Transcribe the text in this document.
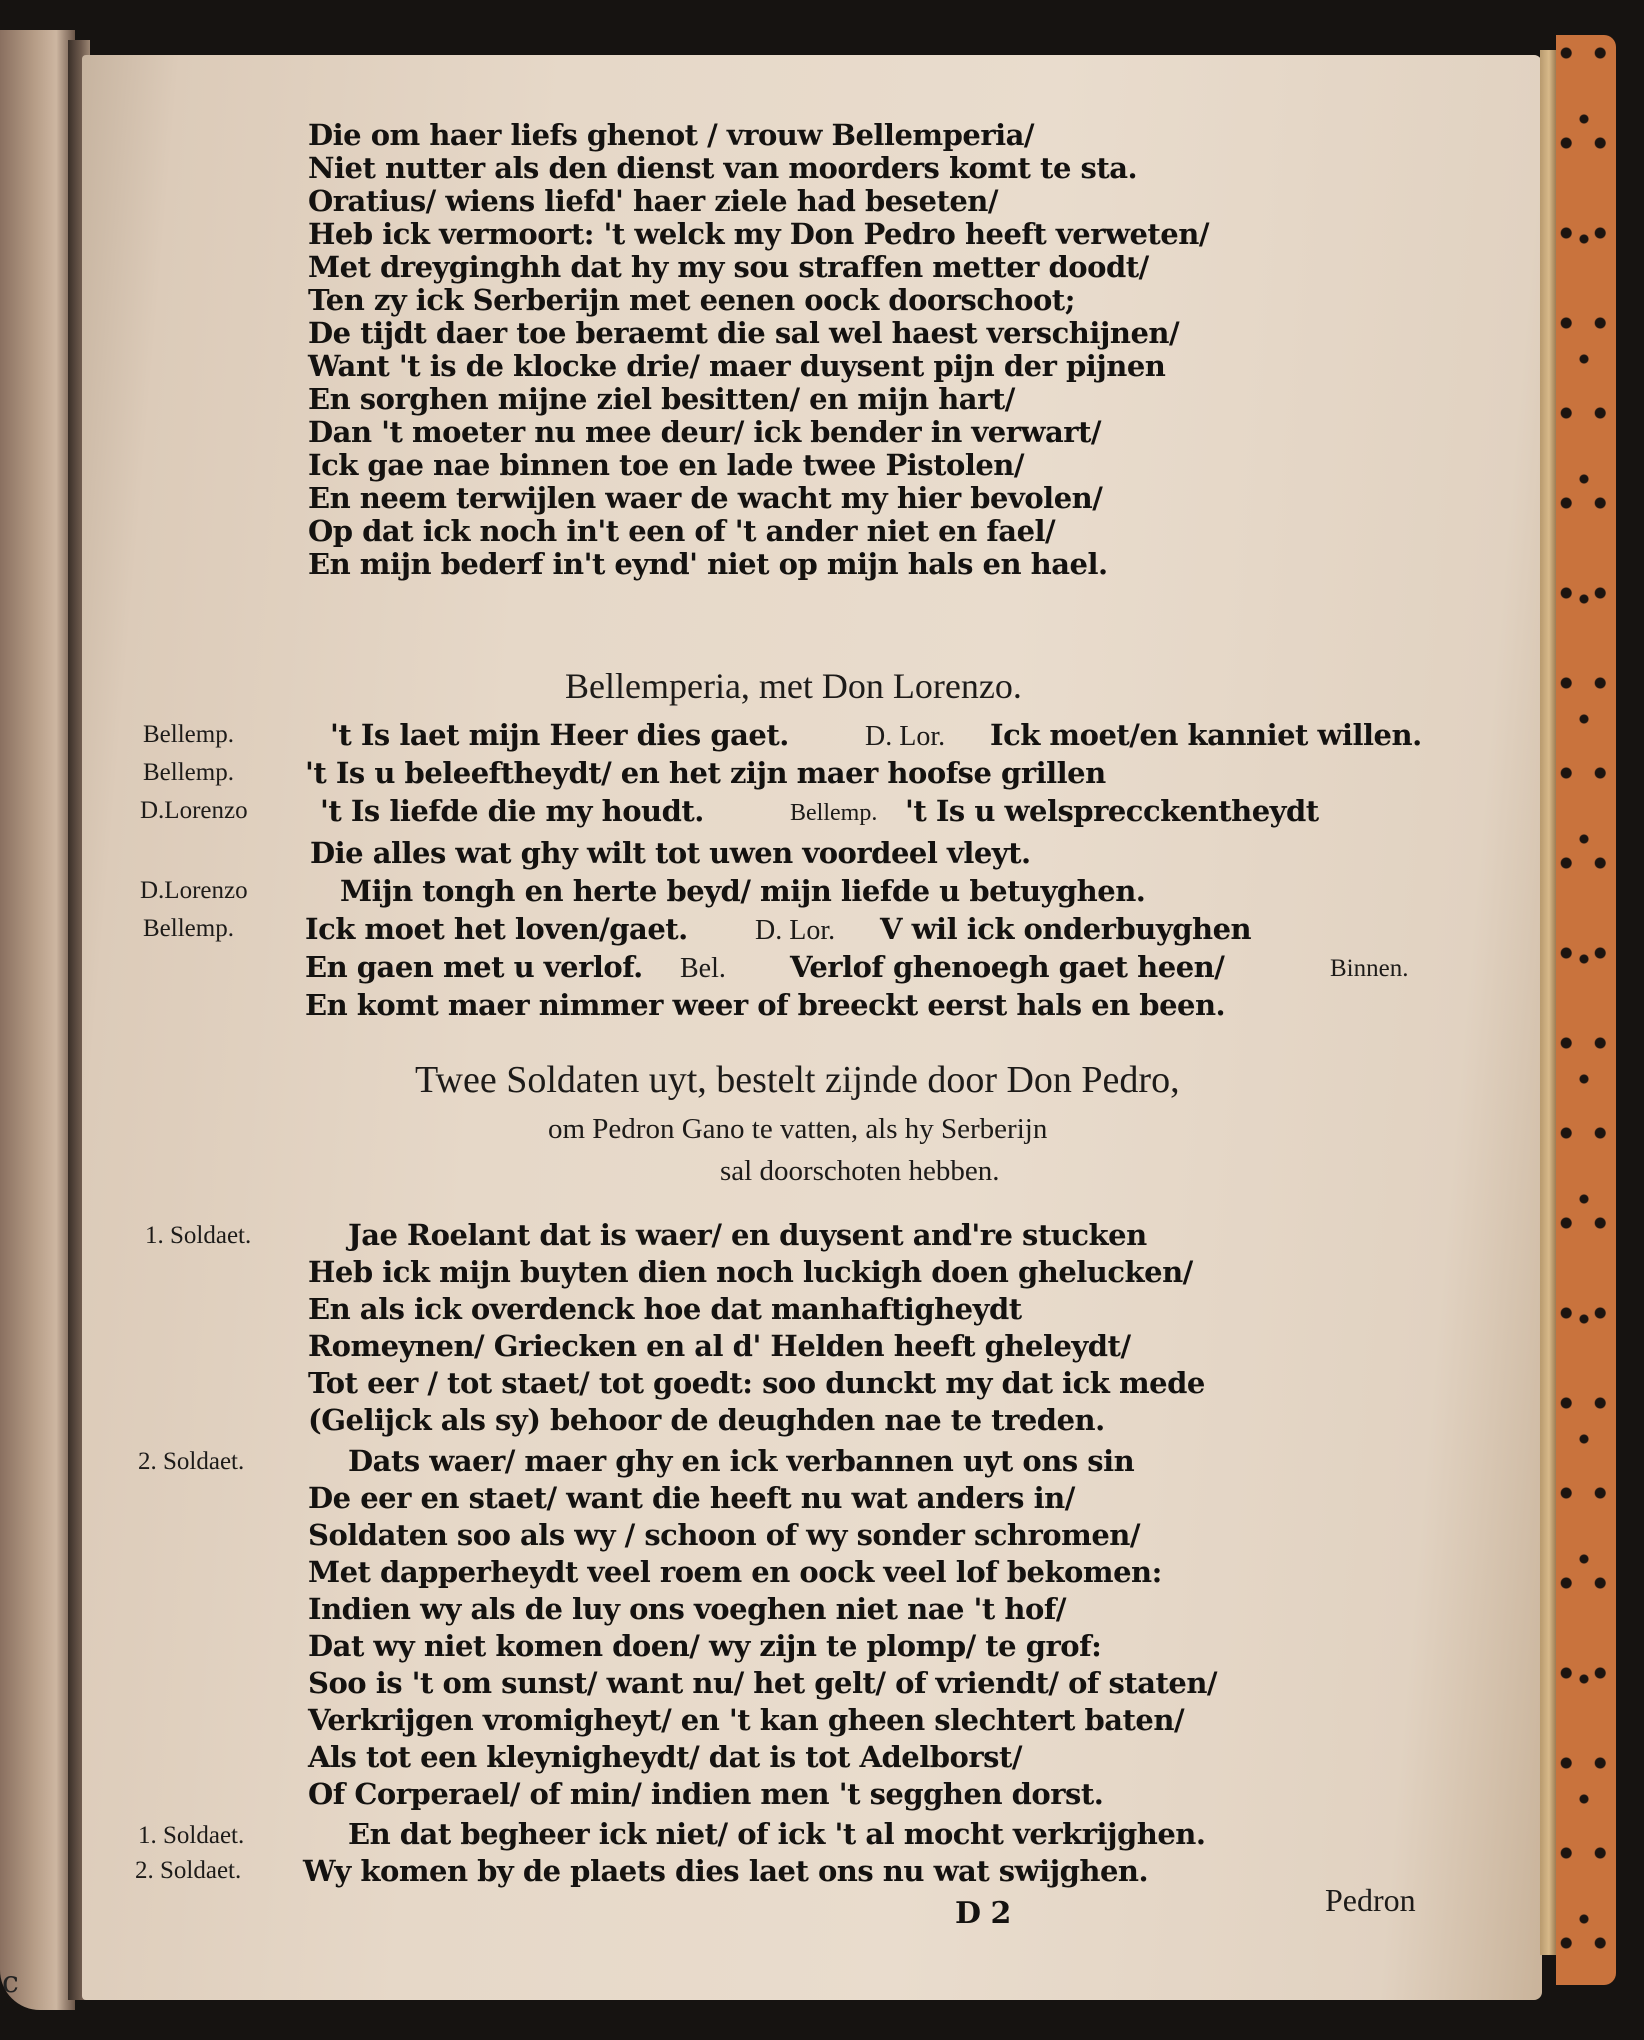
c
Die om haer liefs ghenot / vrouw Bellemperia/
Niet nutter als den dienst van moorders komt te sta.
Oratius/ wiens liefd' haer ziele had beseten/
Heb ick vermoort: 't welck my Don Pedro heeft verweten/
Met dreyginghh dat hy my sou straffen metter doodt/
Ten zy ick Serberijn met eenen oock doorschoot;
De tijdt daer toe beraemt die sal wel haest verschijnen/
Want 't is de klocke drie/ maer duysent pijn der pijnen
En sorghen mijne ziel besitten/ en mijn hart/
Dan 't moeter nu mee deur/ ick bender in verwart/
Ick gae nae binnen toe en lade twee Pistolen/
En neem terwijlen waer de wacht my hier bevolen/
Op dat ick noch in't een of 't ander niet en fael/
En mijn bederf in't eynd' niet op mijn hals en hael.
Bellemperia, met Don Lorenzo.
Bellemp.	't Is laet mijn Heer dies gaet.	D. Lor. Ick moet/en kanniet willen.
Bellemp. 't Is u beleeftheydt/ en het zijn maer hoofse grillen
D.Lorenzo 't Is liefde die my houdt.	Bellemp. 't Is u welsprecckentheydt
Die alles wat ghy wilt tot uwen voordeel vleyt.
D.Lorenzo	Mijn tongh en herte beyd/ mijn liefde u betuyghen.
Bellemp. Ick moet het loven/gaet. D. Lor. V wil ick onderbuyghen
En gaen met u verlof. Bel. Verlof ghenoegh gaet heen/	Binnen.
En komt maer nimmer weer of breeckt eerst hals en been.
Twee Soldaten uyt, bestelt zijnde door Don Pedro,
om Pedron Gano te vatten, als hy Serberijn
sal doorschoten hebben.
1. Soldaet.	Jae Roelant dat is waer/ en duysent and're stucken
Heb ick mijn buyten dien noch luckigh doen ghelucken/
En als ick overdenck hoe dat manhaftigheydt
Romeynen/ Griecken en al d' Helden heeft gheleydt/
Tot eer / tot staet/ tot goedt: soo dunckt my dat ick mede
(Gelijck als sy) behoor de deughden nae te treden.
2. Soldaet.	Dats waer/ maer ghy en ick verbannen uyt ons sin
De eer en staet/ want die heeft nu wat anders in/
Soldaten soo als wy / schoon of wy sonder schromen/
Met dapperheydt veel roem en oock veel lof bekomen:
Indien wy als de luy ons voeghen niet nae 't hof/
Dat wy niet komen doen/ wy zijn te plomp/ te grof:
Soo is 't om sunst/ want nu/ het gelt/ of vriendt/ of staten/
Verkrijgen vromigheyt/ en 't kan gheen slechtert baten/
Als tot een kleynigheydt/ dat is tot Adelborst/
Of Corperael/ of min/ indien men 't segghen dorst.
1. Soldaet.	En dat begheer ick niet/ of ick 't al mocht verkrijghen.
2. Soldaet. Wy komen by de plaets dies laet ons nu wat swijghen.
D 2	Pedron
